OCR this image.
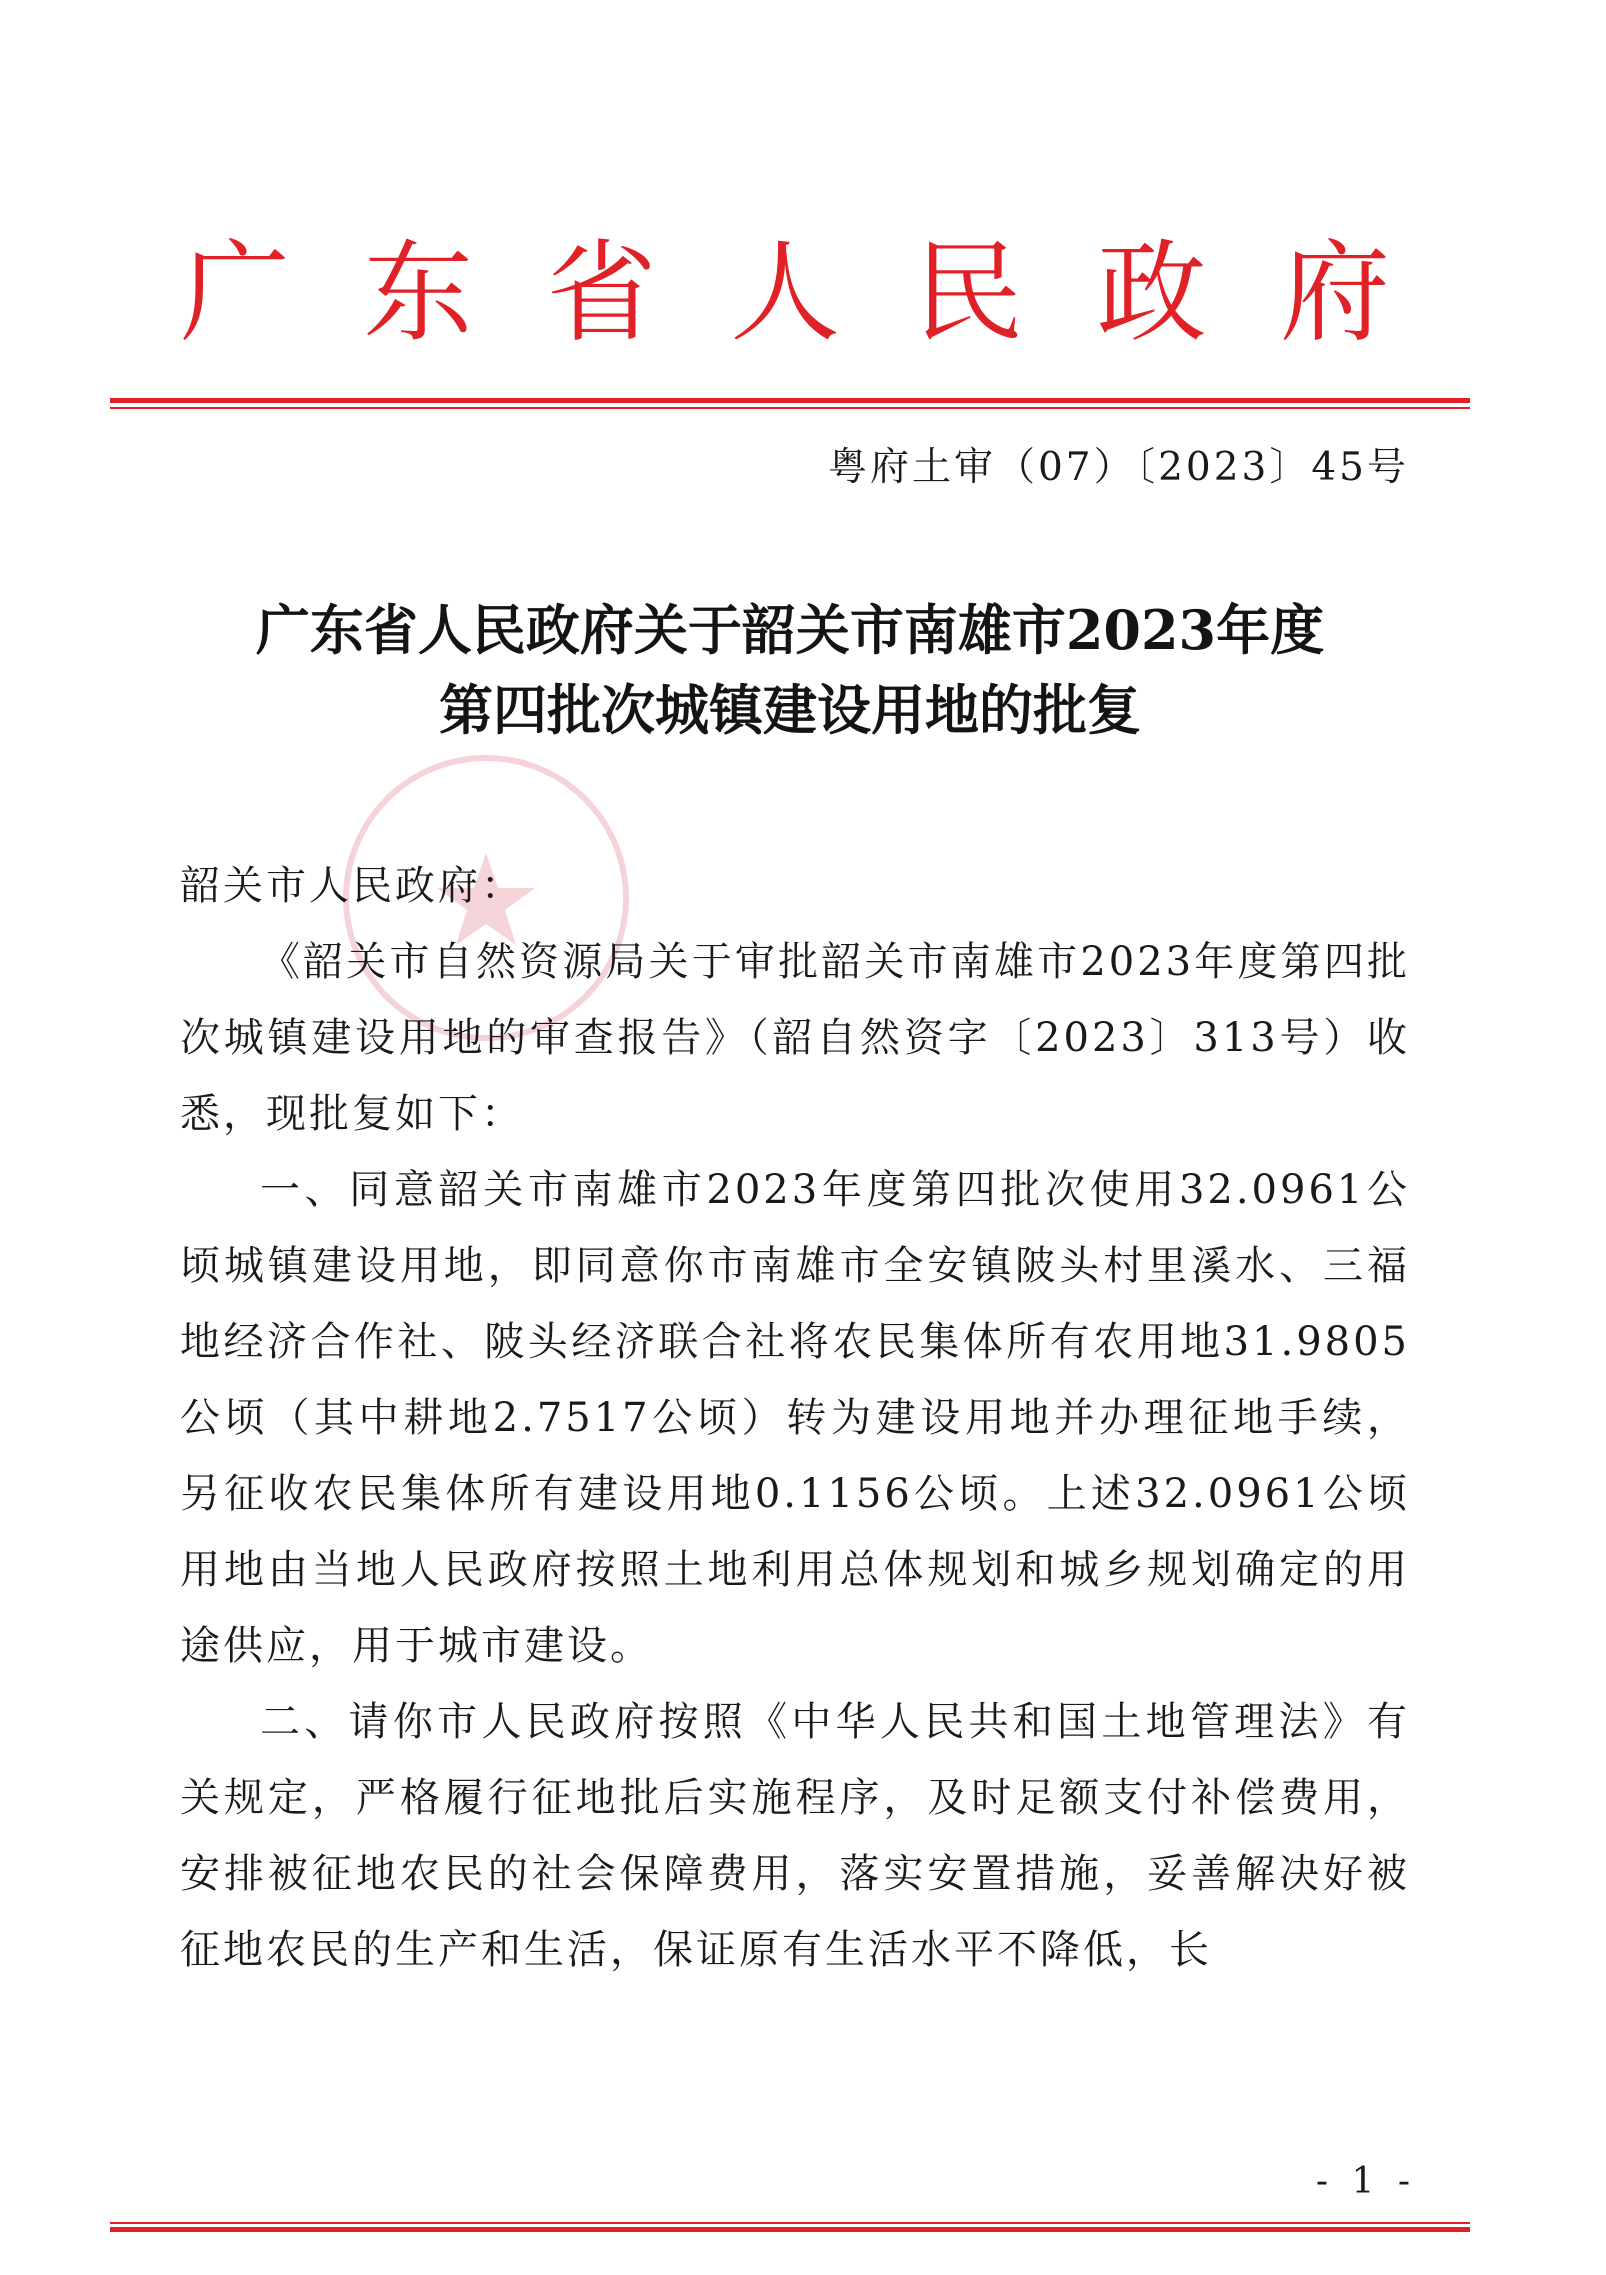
广 东 省 人 民 政 府
粤府土审（07）〔2023〕45号
广东省人民政府关于韶关市南雄市2023年度
第四批次城镇建设用地的批复

韶关市人民政府：

《韶关市自然资源局关于审批韶关市南雄市2023年度第四批次城镇建设用地的审查报告》（韶自然资字〔2023〕313号）收悉，现批复如下：

一、同意韶关市南雄市2023年度第四批次使用32.0961公顷城镇建设用地，即同意你市南雄市全安镇陂头村里溪水、三福地经济合作社、陂头经济联合社将农民集体所有农用地31.9805公顷（其中耕地2.7517公顷）转为建设用地并办理征地手续，另征收农民集体所有建设用地0.1156公顷。上述32.0961公顷用地由当地人民政府按照土地利用总体规划和城乡规划确定的用途供应，用于城市建设。

二、请你市人民政府按照《中华人民共和国土地管理法》有关规定，严格履行征地批后实施程序，及时足额支付补偿费用，安排被征地农民的社会保障费用，落实安置措施，妥善解决好被征地农民的生产和生活，保证原有生活水平不降低，长

- 1 -
